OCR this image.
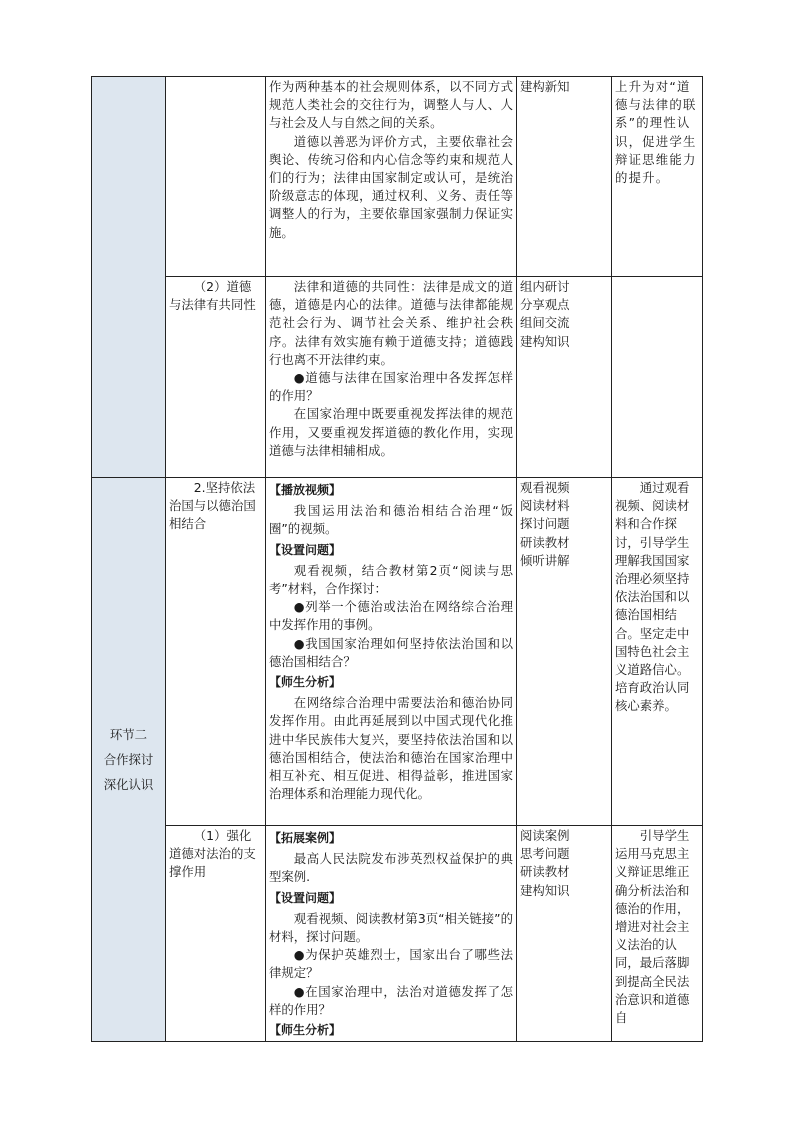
环节二
合作探讨
深化认识
作为两种基本的社会规则体系，以不同方式规范人类社会的交往行为，调整人与人、人与社会及人与自然之间的关系。
道德以善恶为评价方式，主要依靠社会舆论、传统习俗和内心信念等约束和规范人们的行为；法律由国家制定或认可，是统治阶级意志的体现，通过权利、义务、责任等调整人的行为，主要依靠国家强制力保证实施。
建构新知	上升为对“道德与法律的联系”的理性认识，促进学生辩证思维能力的提升。
（2）道德与法律有共同性
法律和道德的共同性：法律是成文的道德，道德是内心的法律。道德与法律都能规范社会行为、调节社会关系、维护社会秩序。法律有效实施有赖于道德支持；道德践行也离不开法律约束。
●道德与法律在国家治理中各发挥怎样的作用？
在国家治理中既要重视发挥法律的规范作用，又要重视发挥道德的教化作用，实现道德与法律相辅相成。
组内研讨
分享观点
组间交流
建构知识
2.坚持依法治国与以德治国相结合
【播放视频】
我国运用法治和德治相结合治理“饭圈”的视频。
【设置问题】
观看视频，结合教材第2页“阅读与思考”材料，合作探讨：
●列举一个德治或法治在网络综合治理中发挥作用的事例。
●我国国家治理如何坚持依法治国和以德治国相结合？
【师生分析】
在网络综合治理中需要法治和德治协同发挥作用。由此再延展到以中国式现代化推进中华民族伟大复兴，要坚持依法治国和以德治国相结合，使法治和德治在国家治理中相互补充、相互促进、相得益彰，推进国家治理体系和治理能力现代化。
观看视频
阅读材料
探讨问题
研读教材
倾听讲解
通过观看视频、阅读材料和合作探讨，引导学生理解我国国家治理必须坚持依法治国和以德治国相结合。坚定走中国特色社会主义道路信心。培育政治认同核心素养。
（1）强化道德对法治的支撑作用
【拓展案例】
最高人民法院发布涉英烈权益保护的典型案例.
【设置问题】
观看视频、阅读教材第3页“相关链接”的材料，探讨问题。
●为保护英雄烈士，国家出台了哪些法律规定？
●在国家治理中，法治对道德发挥了怎样的作用？
【师生分析】
阅读案例
思考问题
研读教材
建构知识
引导学生运用马克思主义辩证思维正确分析法治和德治的作用，增进对社会主义法治的认同，最后落脚到提高全民法治意识和道德自
